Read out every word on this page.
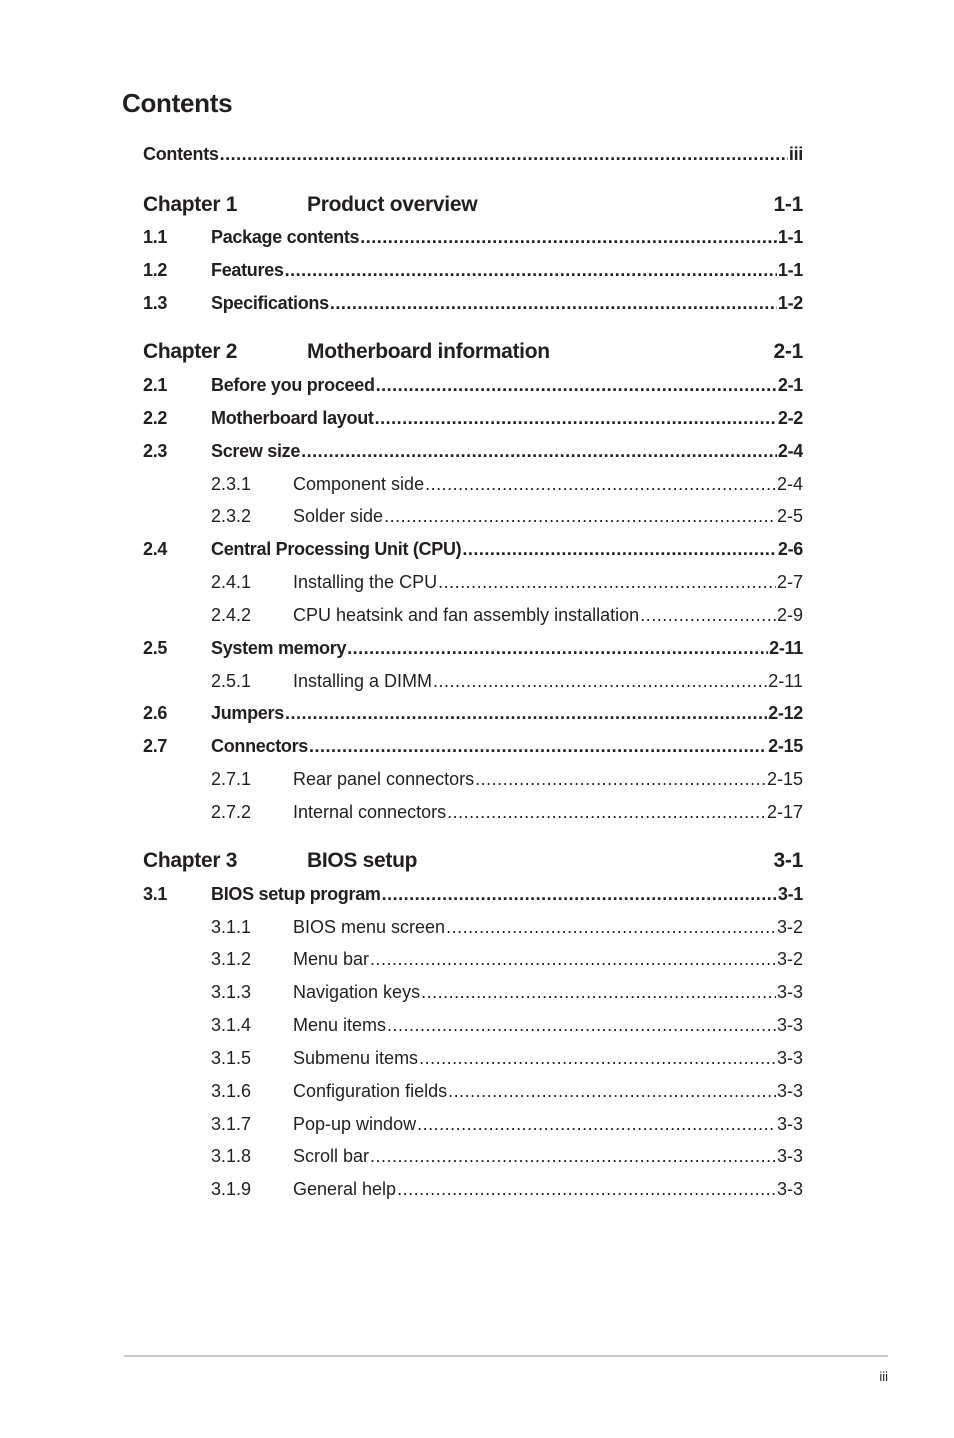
Contents
Contents .....	iii
Chapter 1	Product overview	1-1
1.1	Package contents .....	1-1
1.2	Features .....	1-1
1.3	Specifications .....	1-2
Chapter 2	Motherboard information	2-1
2.1	Before you proceed .....	2-1
2.2	Motherboard layout .....	2-2
2.3	Screw size .....	2-4
2.3.1	Component side .....	2-4
2.3.2	Solder side .....	2-5
2.4	Central Processing Unit (CPU) .....	2-6
2.4.1	Installing the CPU .....	2-7
2.4.2	CPU heatsink and fan assembly installation .....	2-9
2.5	System memory .....	2-11
2.5.1	Installing a DIMM .....	2-11
2.6	Jumpers .....	2-12
2.7	Connectors .....	2-15
2.7.1	Rear panel connectors .....	2-15
2.7.2	Internal connectors .....	2-17
Chapter 3	BIOS setup	3-1
3.1	BIOS setup program .....	3-1
3.1.1	BIOS menu screen .....	3-2
3.1.2	Menu bar .....	3-2
3.1.3	Navigation keys .....	3-3
3.1.4	Menu items .....	3-3
3.1.5	Submenu items .....	3-3
3.1.6	Configuration fields .....	3-3
3.1.7	Pop-up window .....	3-3
3.1.8	Scroll bar .....	3-3
3.1.9	General help .....	3-3
iii
